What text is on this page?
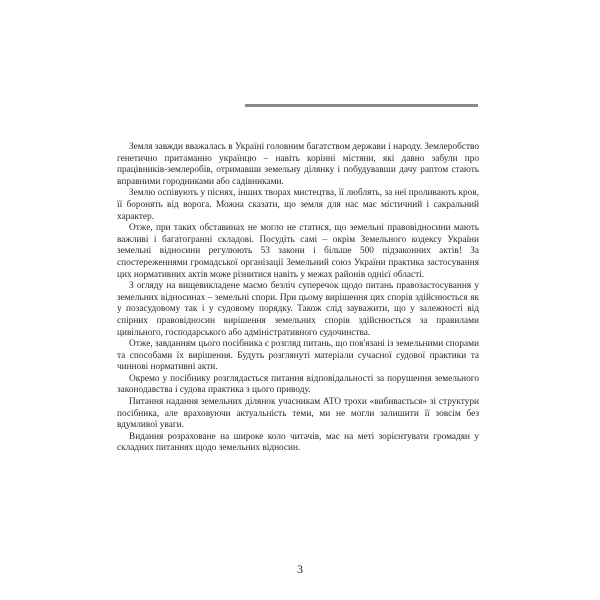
Земля завжди вважалась в Україні головним багатством держави і народу. Землеробство генетично притаманно українцю – навіть корінні містяни, які давно забули про працівників-землеробів, отримавши земельну ділянку і побудувавши дачу раптом стають вправними городниками або садівниками.

Землю оспівують у піснях, інших творах мистецтва, її люблять, за неї проливають кров, її боронять від ворога. Можна сказати, що земля для нас має містичний і сакральний характер.

Отже, при таких обставинах не могло не статися, що земельні правовідносини мають важливі і багатогранні складові. Посудіть самі – окрім Земельного кодексу України земельні відносини регулюють 53 закони і більше 500 підзаконних актів! За спостереженнями громадської організації Земельний союз України практика застосування цих нормативних актів може різнитися навіть у межах районів однієї області.

З огляду на вищевикладене маємо безліч суперечок щодо питань правозастосування у земельних відносинах – земельні спори. При цьому вирішення цих спорів здійснюється як у позасудовому так і у судовому порядку. Також слід зауважити, що у залежності від спірних правовідносин вирішення земельних спорів здійснюється за правилами цивільного, господарського або адміністративного судочинства.

Отже, завданням цього посібника є розгляд питань, що пов'язані із земельними спорами та способами їх вирішення. Будуть розглянуті матеріали сучасної судової практики та чиннові нормативні акти.

Окремо у посібнику розглядається питання відповідальності за порушення земельного законодавства і судова практика з цього приводу.

Питання надання земельних ділянок учасникам АТО трохи «вибивається» зі структури посібника, але враховуючи актуальність теми, ми не могли залишити її зовсім без вдумливої уваги.

Видання розраховане на широке коло читачів, має на меті зорієнтувати громадян у складних питаннях щодо земельних відносин.

3
